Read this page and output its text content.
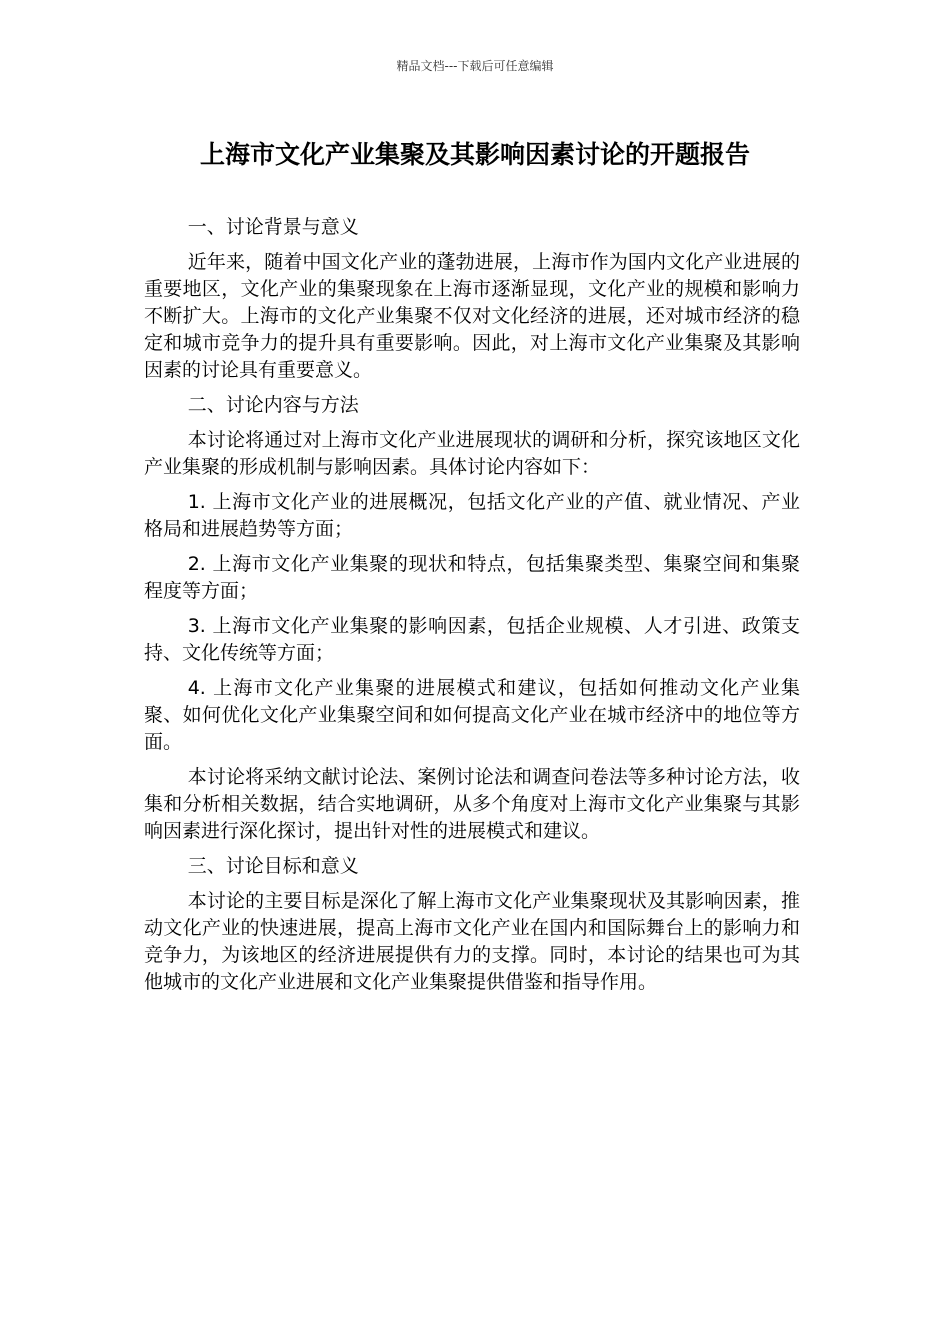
精品文档---下载后可任意编辑
上海市文化产业集聚及其影响因素讨论的开题报告

一、讨论背景与意义

近年来，随着中国文化产业的蓬勃进展，上海市作为国内文化产业进展的重要地区，文化产业的集聚现象在上海市逐渐显现，文化产业的规模和影响力不断扩大。上海市的文化产业集聚不仅对文化经济的进展，还对城市经济的稳定和城市竞争力的提升具有重要影响。因此，对上海市文化产业集聚及其影响因素的讨论具有重要意义。

二、讨论内容与方法

本讨论将通过对上海市文化产业进展现状的调研和分析，探究该地区文化产业集聚的形成机制与影响因素。具体讨论内容如下：

1. 上海市文化产业的进展概况，包括文化产业的产值、就业情况、产业格局和进展趋势等方面；

2. 上海市文化产业集聚的现状和特点，包括集聚类型、集聚空间和集聚程度等方面；

3. 上海市文化产业集聚的影响因素，包括企业规模、人才引进、政策支持、文化传统等方面；

4. 上海市文化产业集聚的进展模式和建议，包括如何推动文化产业集聚、如何优化文化产业集聚空间和如何提高文化产业在城市经济中的地位等方面。

本讨论将采纳文献讨论法、案例讨论法和调查问卷法等多种讨论方法，收集和分析相关数据，结合实地调研，从多个角度对上海市文化产业集聚与其影响因素进行深化探讨，提出针对性的进展模式和建议。

三、讨论目标和意义

本讨论的主要目标是深化了解上海市文化产业集聚现状及其影响因素，推动文化产业的快速进展，提高上海市文化产业在国内和国际舞台上的影响力和竞争力，为该地区的经济进展提供有力的支撑。同时，本讨论的结果也可为其他城市的文化产业进展和文化产业集聚提供借鉴和指导作用。
